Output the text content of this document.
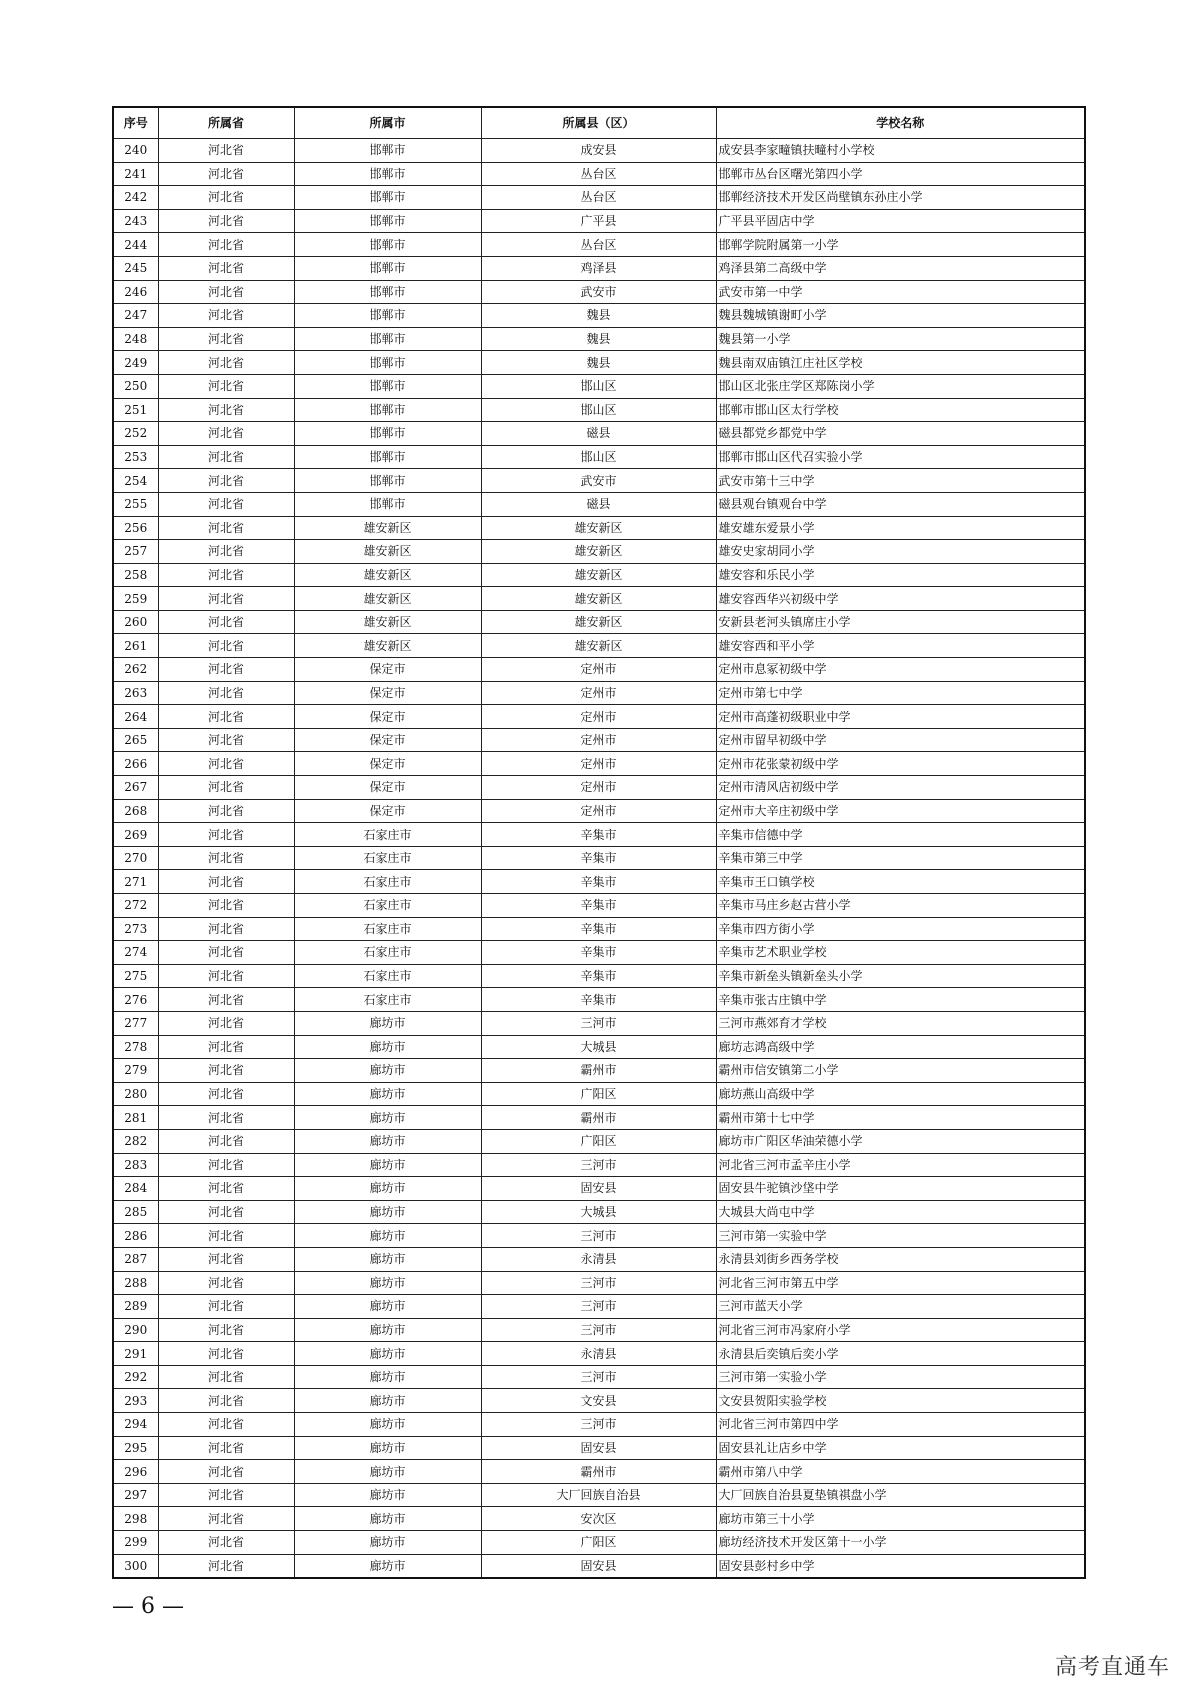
序号	所属省	所属市	所属县（区）	学校名称
240	河北省	邯郸市	成安县	成安县李家疃镇扶疃村小学校
241	河北省	邯郸市	丛台区	邯郸市丛台区曙光第四小学
242	河北省	邯郸市	丛台区	邯郸经济技术开发区尚壁镇东孙庄小学
243	河北省	邯郸市	广平县	广平县平固店中学
244	河北省	邯郸市	丛台区	邯郸学院附属第一小学
245	河北省	邯郸市	鸡泽县	鸡泽县第二高级中学
246	河北省	邯郸市	武安市	武安市第一中学
247	河北省	邯郸市	魏县	魏县魏城镇谢町小学
248	河北省	邯郸市	魏县	魏县第一小学
249	河北省	邯郸市	魏县	魏县南双庙镇江庄社区学校
250	河北省	邯郸市	邯山区	邯山区北张庄学区郑陈岗小学
251	河北省	邯郸市	邯山区	邯郸市邯山区太行学校
252	河北省	邯郸市	磁县	磁县都党乡都党中学
253	河北省	邯郸市	邯山区	邯郸市邯山区代召实验小学
254	河北省	邯郸市	武安市	武安市第十三中学
255	河北省	邯郸市	磁县	磁县观台镇观台中学
256	河北省	雄安新区	雄安新区	雄安雄东爱景小学
257	河北省	雄安新区	雄安新区	雄安史家胡同小学
258	河北省	雄安新区	雄安新区	雄安容和乐民小学
259	河北省	雄安新区	雄安新区	雄安容西华兴初级中学
260	河北省	雄安新区	雄安新区	安新县老河头镇席庄小学
261	河北省	雄安新区	雄安新区	雄安容西和平小学
262	河北省	保定市	定州市	定州市息冢初级中学
263	河北省	保定市	定州市	定州市第七中学
264	河北省	保定市	定州市	定州市高蓬初级职业中学
265	河北省	保定市	定州市	定州市留早初级中学
266	河北省	保定市	定州市	定州市花张蒙初级中学
267	河北省	保定市	定州市	定州市清风店初级中学
268	河北省	保定市	定州市	定州市大辛庄初级中学
269	河北省	石家庄市	辛集市	辛集市信德中学
270	河北省	石家庄市	辛集市	辛集市第三中学
271	河北省	石家庄市	辛集市	辛集市王口镇学校
272	河北省	石家庄市	辛集市	辛集市马庄乡赵古营小学
273	河北省	石家庄市	辛集市	辛集市四方街小学
274	河北省	石家庄市	辛集市	辛集市艺术职业学校
275	河北省	石家庄市	辛集市	辛集市新垒头镇新垒头小学
276	河北省	石家庄市	辛集市	辛集市张古庄镇中学
277	河北省	廊坊市	三河市	三河市燕郊育才学校
278	河北省	廊坊市	大城县	廊坊志鸿高级中学
279	河北省	廊坊市	霸州市	霸州市信安镇第二小学
280	河北省	廊坊市	广阳区	廊坊燕山高级中学
281	河北省	廊坊市	霸州市	霸州市第十七中学
282	河北省	廊坊市	广阳区	廊坊市广阳区华油荣德小学
283	河北省	廊坊市	三河市	河北省三河市孟辛庄小学
284	河北省	廊坊市	固安县	固安县牛驼镇沙垡中学
285	河北省	廊坊市	大城县	大城县大尚屯中学
286	河北省	廊坊市	三河市	三河市第一实验中学
287	河北省	廊坊市	永清县	永清县刘街乡西务学校
288	河北省	廊坊市	三河市	河北省三河市第五中学
289	河北省	廊坊市	三河市	三河市蓝天小学
290	河北省	廊坊市	三河市	河北省三河市冯家府小学
291	河北省	廊坊市	永清县	永清县后奕镇后奕小学
292	河北省	廊坊市	三河市	三河市第一实验小学
293	河北省	廊坊市	文安县	文安县贺阳实验学校
294	河北省	廊坊市	三河市	河北省三河市第四中学
295	河北省	廊坊市	固安县	固安县礼让店乡中学
296	河北省	廊坊市	霸州市	霸州市第八中学
297	河北省	廊坊市	大厂回族自治县	大厂回族自治县夏垫镇祺盘小学
298	河北省	廊坊市	安次区	廊坊市第三十小学
299	河北省	廊坊市	广阳区	廊坊经济技术开发区第十一小学
300	河北省	廊坊市	固安县	固安县彭村乡中学
— 6 —
高考直通车
